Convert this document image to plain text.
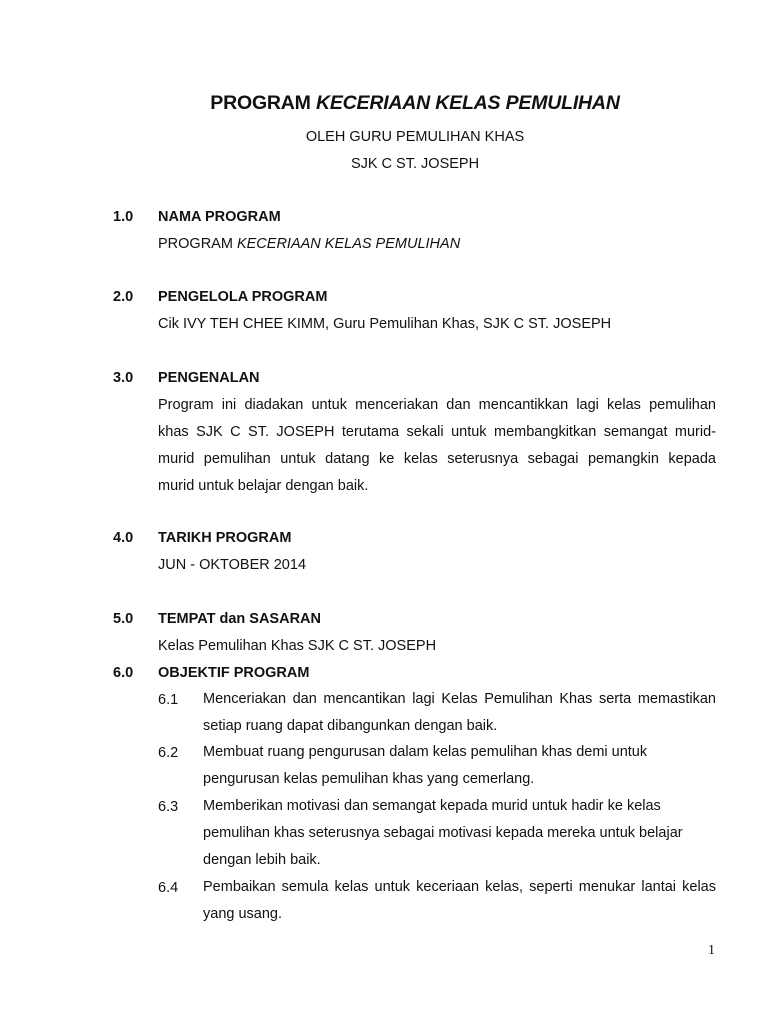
PROGRAM KECERIAAN KELAS PEMULIHAN
OLEH GURU PEMULIHAN KHAS
SJK C ST. JOSEPH
1.0 NAMA PROGRAM
PROGRAM KECERIAAN KELAS PEMULIHAN
2.0 PENGELOLA PROGRAM
Cik IVY TEH CHEE KIMM, Guru Pemulihan Khas, SJK C ST. JOSEPH
3.0 PENGENALAN
Program ini diadakan untuk menceriakan dan mencantikkan lagi kelas pemulihan
khas SJK C ST. JOSEPH terutama sekali untuk membangkitkan semangat murid-
murid pemulihan untuk datang ke kelas seterusnya sebagai pemangkin kepada
murid untuk belajar dengan baik.
4.0 TARIKH PROGRAM
JUN - OKTOBER 2014
5.0 TEMPAT dan SASARAN
Kelas Pemulihan Khas SJK C ST. JOSEPH
6.0 OBJEKTIF PROGRAM
6.1 Menceriakan dan mencantikan lagi Kelas Pemulihan Khas serta memastikan
setiap ruang dapat dibangunkan dengan baik.
6.2 Membuat ruang pengurusan dalam kelas pemulihan khas demi untuk
pengurusan kelas pemulihan khas yang cemerlang.
6.3 Memberikan motivasi dan semangat kepada murid untuk hadir ke kelas
pemulihan khas seterusnya sebagai motivasi kepada mereka untuk belajar
dengan lebih baik.
6.4 Pembaikan semula kelas untuk keceriaan kelas, seperti menukar lantai kelas
yang usang.
1
